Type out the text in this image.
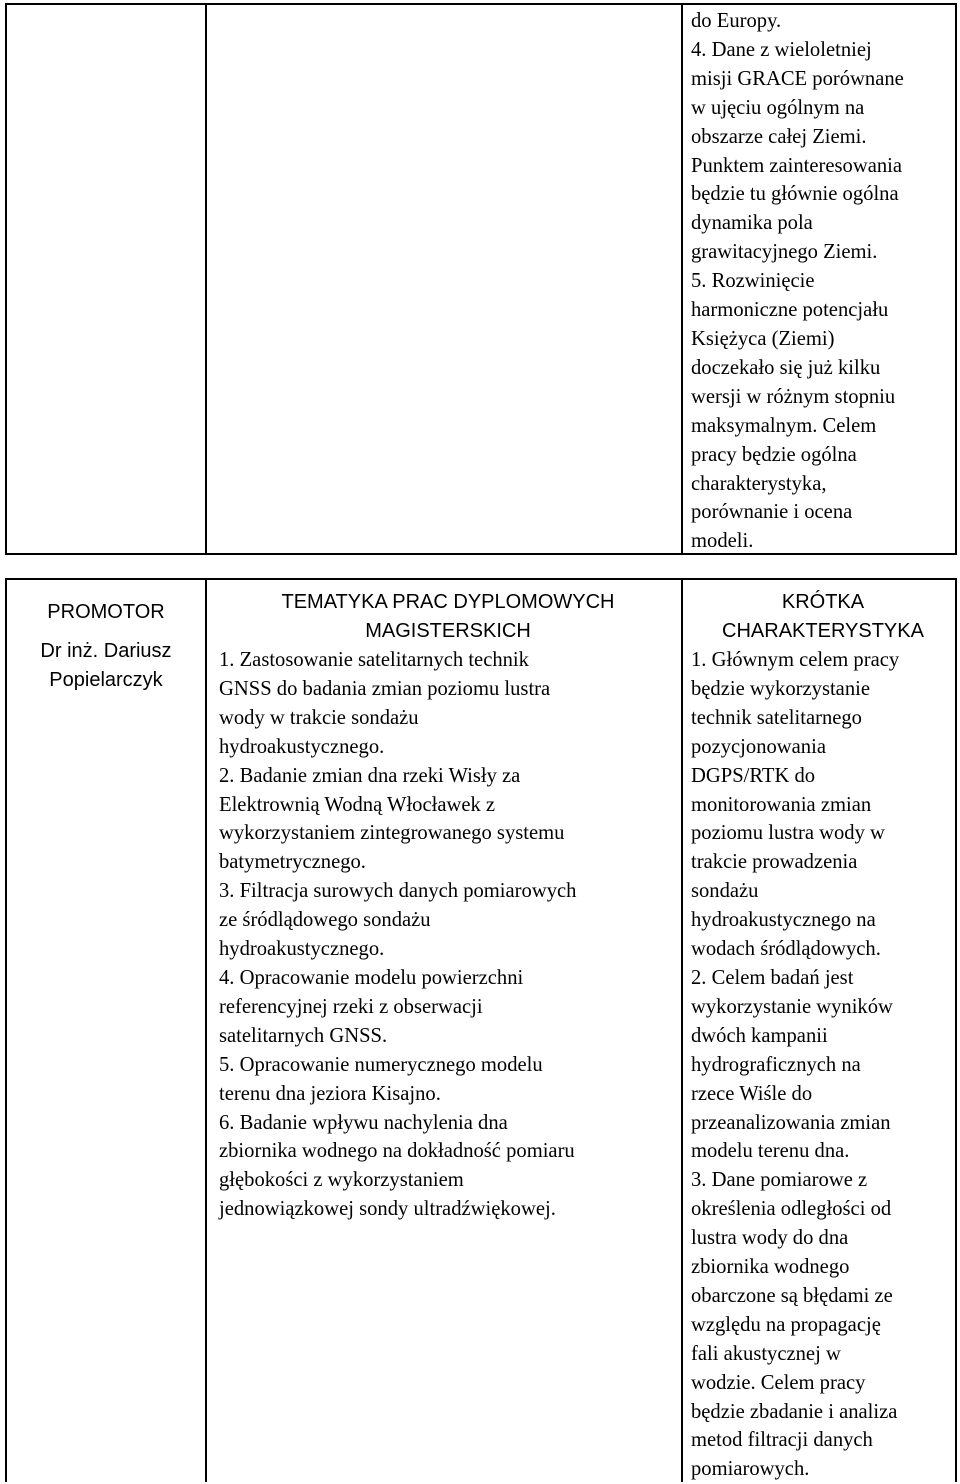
do Europy.

4. Dane z wieloletniej

misji GRACE porównane

w ujęciu ogólnym na

obszarze całej Ziemi.

Punktem zainteresowania

będzie tu głównie ogólna

dynamika pola

grawitacyjnego Ziemi.

5. Rozwinięcie

harmoniczne potencjału

Księżyca (Ziemi)

doczekało się już kilku

wersji w różnym stopniu

maksymalnym. Celem

pracy będzie ogólna

charakterystyka,

porównanie i ocena

modeli.

PROMOTOR

Dr inż. Dariusz

Popielarczyk

TEMATYKA PRAC DYPLOMOWYCH

MAGISTERSKICH

1. Zastosowanie satelitarnych technik

GNSS do badania zmian poziomu lustra

wody w trakcie sondażu

hydroakustycznego.

2. Badanie zmian dna rzeki Wisły za

Elektrownią Wodną Włocławek z

wykorzystaniem zintegrowanego systemu

batymetrycznego.

3. Filtracja surowych danych pomiarowych

ze śródlądowego sondażu

hydroakustycznego.

4. Opracowanie modelu powierzchni

referencyjnej rzeki z obserwacji

satelitarnych GNSS.

5. Opracowanie numerycznego modelu

terenu dna jeziora Kisajno.

6. Badanie wpływu nachylenia dna

zbiornika wodnego na dokładność pomiaru

głębokości z wykorzystaniem

jednowiązkowej sondy ultradźwiękowej.

KRÓTKA

CHARAKTERYSTYKA

1. Głównym celem pracy

będzie wykorzystanie

technik satelitarnego

pozycjonowania

DGPS/RTK do

monitorowania zmian

poziomu lustra wody w

trakcie prowadzenia

sondażu

hydroakustycznego na

wodach śródlądowych.

2. Celem badań jest

wykorzystanie wyników

dwóch kampanii

hydrograficznych na

rzece Wiśle do

przeanalizowania zmian

modelu terenu dna.

3. Dane pomiarowe z

określenia odległości od

lustra wody do dna

zbiornika wodnego

obarczone są błędami ze

względu na propagację

fali akustycznej w

wodzie. Celem pracy

będzie zbadanie i analiza

metod filtracji danych

pomiarowych.
